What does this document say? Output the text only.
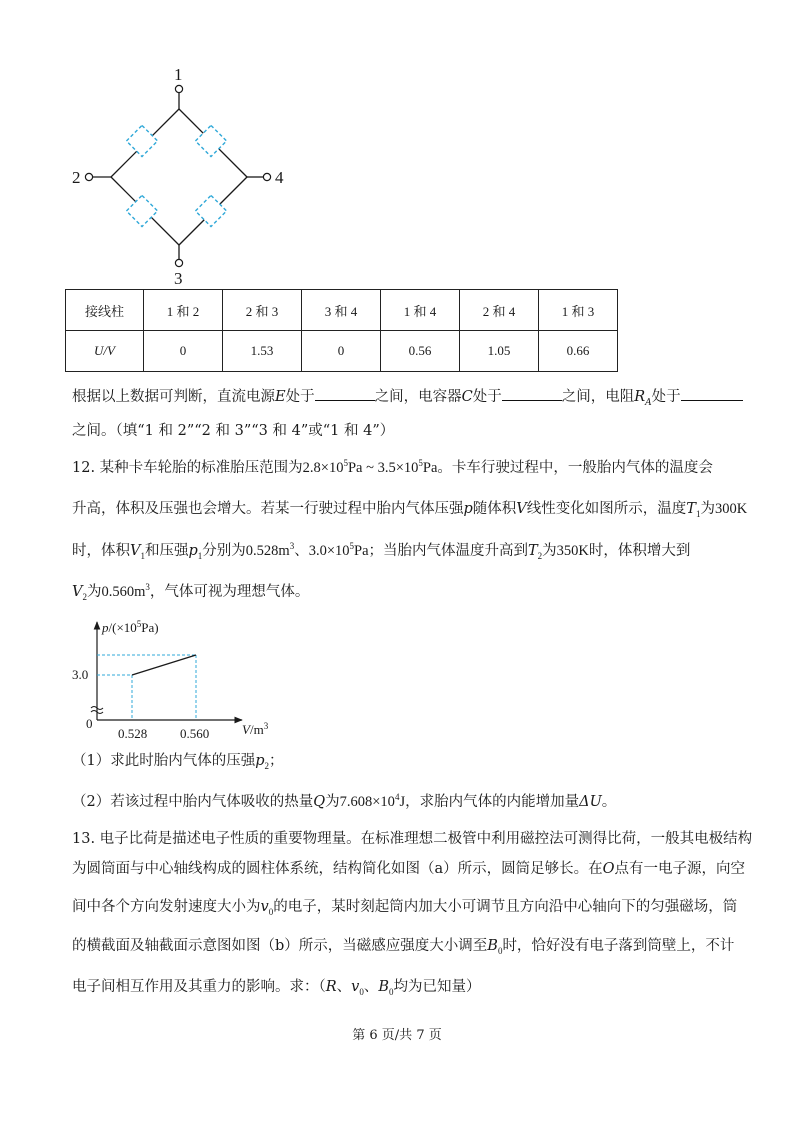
1
2
3
4
接线柱	1 和 2	2 和 3	3 和 4	1 和 4	2 和 4	1 和 3
U/V	0	1.53	0	0.56	1.05	0.66
根据以上数据可判断，直流电源E处于	之间，电容器C处于	之间，电阻$R_A$处于
之间。（填“1 和 2”“2 和 3”“3 和 4”或“1 和 4”）
12. 某种卡车轮胎的标准胎压范围为$2.8\times 10^5Pa$ ~ $3.5\times 10^5Pa$。卡车行驶过程中，一般胎内气体的温度会
升高，体积及压强也会增大。若某一行驶过程中胎内气体压强p随体积V线性变化如图所示，温度$T_1$为300K
时，体积$V_1$和压强$p_1$分别为$0.528m^3$、$3.0\times 10^5Pa$；当胎内气体温度升高到$T_2$为350K时，体积增大到
$V_2$为$0.560m^3$，气体可视为理想气体。
0.528	0.560
3.0
$p/(\times 10^5Pa)$
$V/m^3$
0
（1）求此时胎内气体的压强$p_2$；
（2）若该过程中胎内气体吸收的热量Q为$7.608\times 10^4J$，求胎内气体的内能增加量ΔU。
13. 电子比荷是描述电子性质的重要物理量。在标准理想二极管中利用磁控法可测得比荷，一般其电极结构
为圆筒面与中心轴线构成的圆柱体系统，结构简化如图（a）所示，圆筒足够长。在O点有一电子源，向空
间中各个方向发射速度大小为$v_0$的电子，某时刻起筒内加大小可调节且方向沿中心轴向下的匀强磁场，筒
的横截面及轴截面示意图如图（b）所示，当磁感应强度大小调至$B_0$时，恰好没有电子落到筒壁上，不计
电子间相互作用及其重力的影响。求：（R、$v_0$、$B_0$均为已知量）
第 6 页/共 7 页
